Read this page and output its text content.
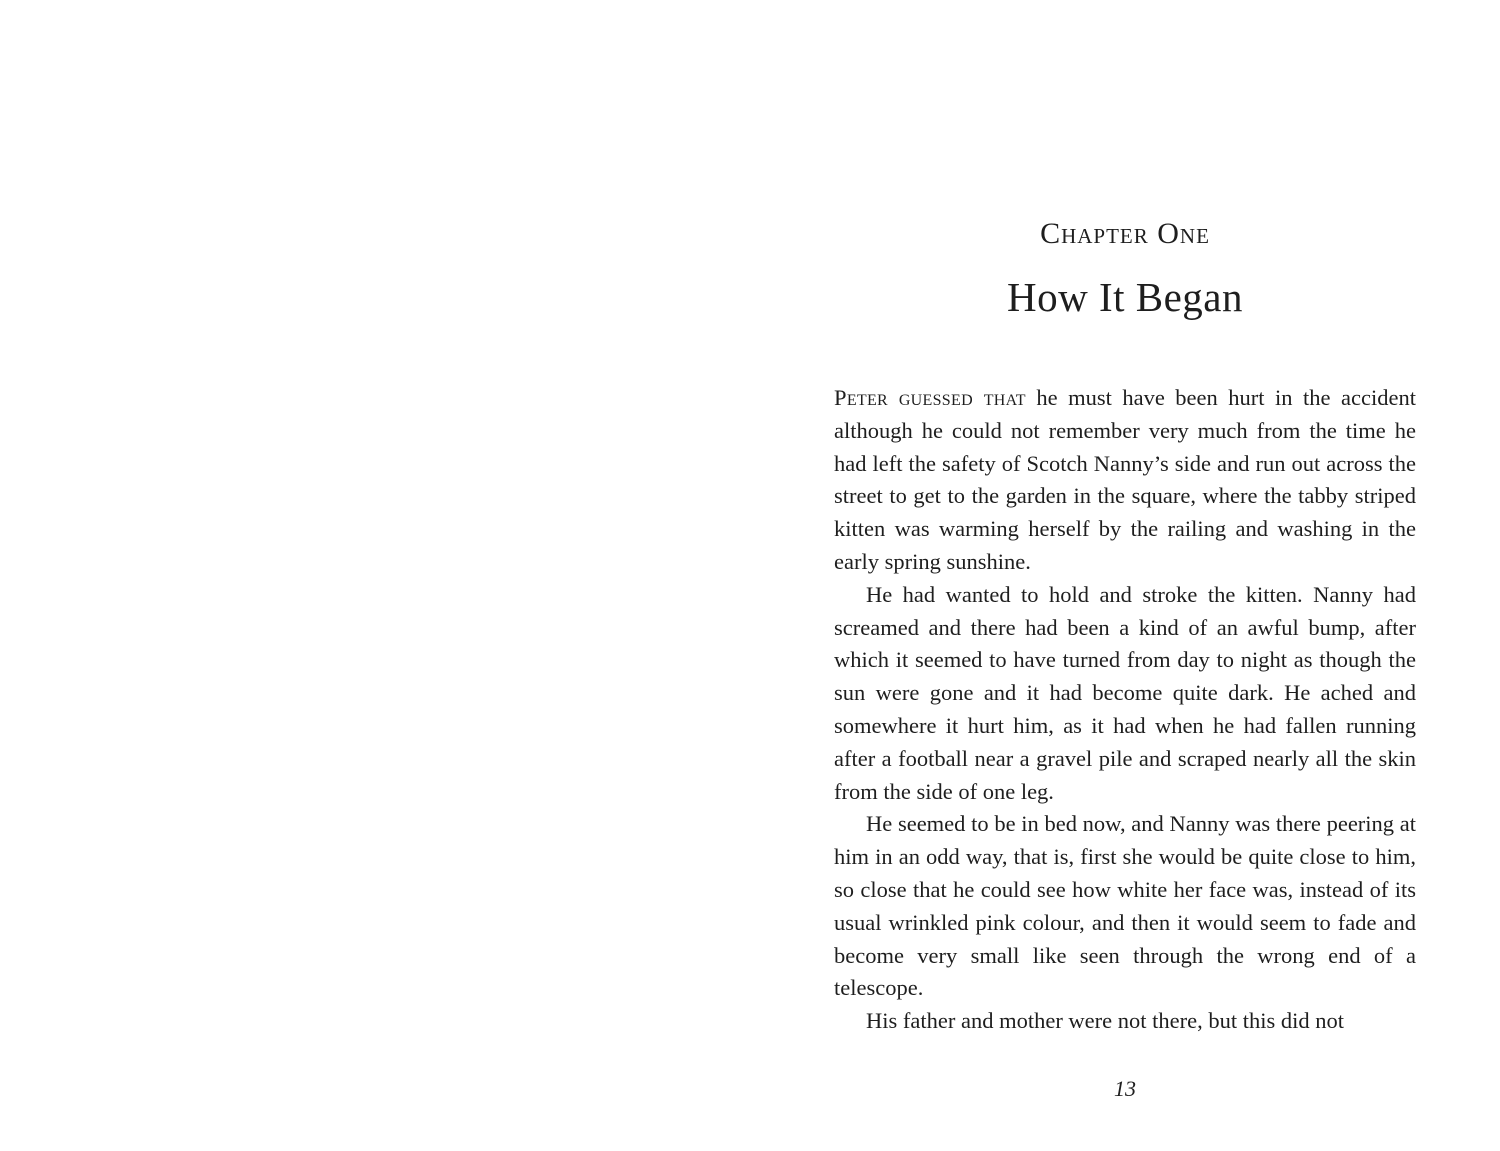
Chapter One
How It Began

Peter guessed that he must have been hurt in the accident although he could not remember very much from the time he had left the safety of Scotch Nanny’s side and run out across the street to get to the garden in the square, where the tabby striped kitten was warming herself by the railing and washing in the early spring sunshine.

He had wanted to hold and stroke the kitten. Nanny had screamed and there had been a kind of an awful bump, after which it seemed to have turned from day to night as though the sun were gone and it had become quite dark. He ached and somewhere it hurt him, as it had when he had fallen running after a football near a gravel pile and scraped nearly all the skin from the side of one leg.

He seemed to be in bed now, and Nanny was there peering at him in an odd way, that is, first she would be quite close to him, so close that he could see how white her face was, instead of its usual wrinkled pink colour, and then it would seem to fade and become very small like seen through the wrong end of a telescope.

His father and mother were not there, but this did not

13
